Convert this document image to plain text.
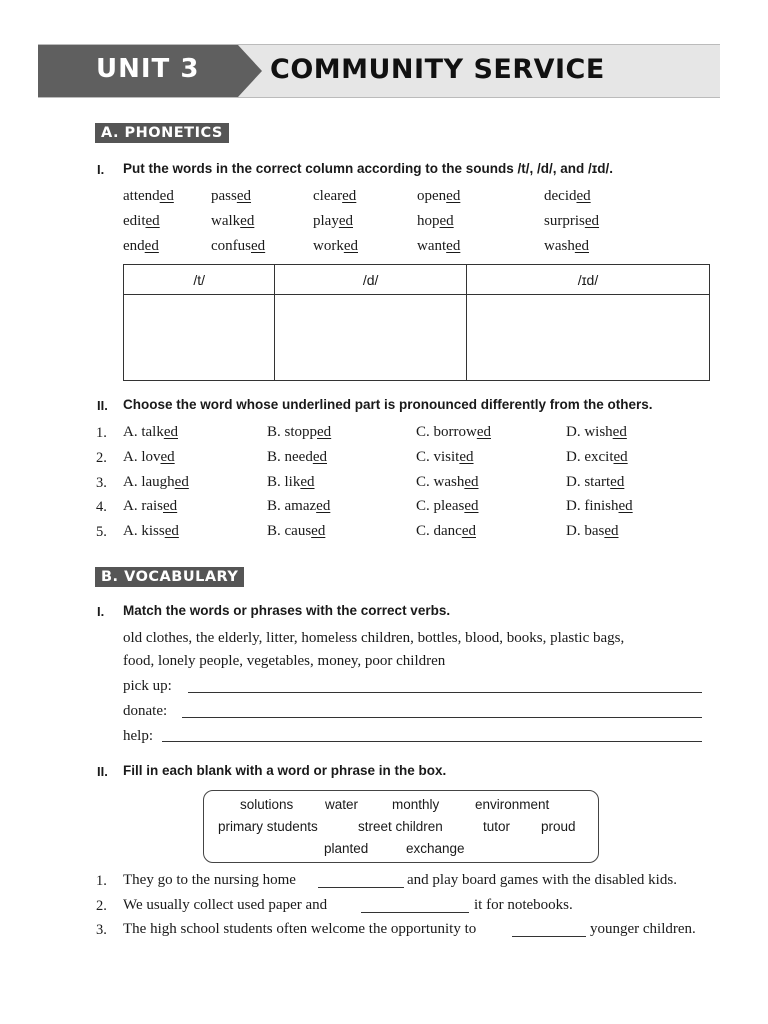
UNIT 3	COMMUNITY SERVICE
A. PHONETICS
I. Put the words in the correct column according to the sounds /t/, /d/, and /ɪd/.
attended passed	cleared	opened	decided
edited	walked	played	hoped	surprised
ended	confused	worked	wanted	washed
/t/	/d/	/ɪd/

II. Choose the word whose underlined part is pronounced differently from the others.
1. A. talked	B. stopped	C. borrowed	D. wished
2. A. loved	B. needed	C. visited	D. excited
3. A. laughed	B. liked	C. washed	D. started
4. A. raised	B. amazed	C. pleased	D. finished
5. A. kissed	B. caused	C. danced	D. based
B. VOCABULARY
I. Match the words or phrases with the correct verbs.
old clothes, the elderly, litter, homeless children, bottles, blood, books, plastic bags,
food, lonely people, vegetables, money, poor children
pick up:
donate:
help:
II. Fill in each blank with a word or phrase in the box.
solutions water	monthly	environment
primary students	street children	tutor proud
planted	exchange
1. They go to the nursing home	and play board games with the disabled kids.
2. We usually collect used paper and	it for notebooks.
3. The high school students often welcome the opportunity to	younger children.
